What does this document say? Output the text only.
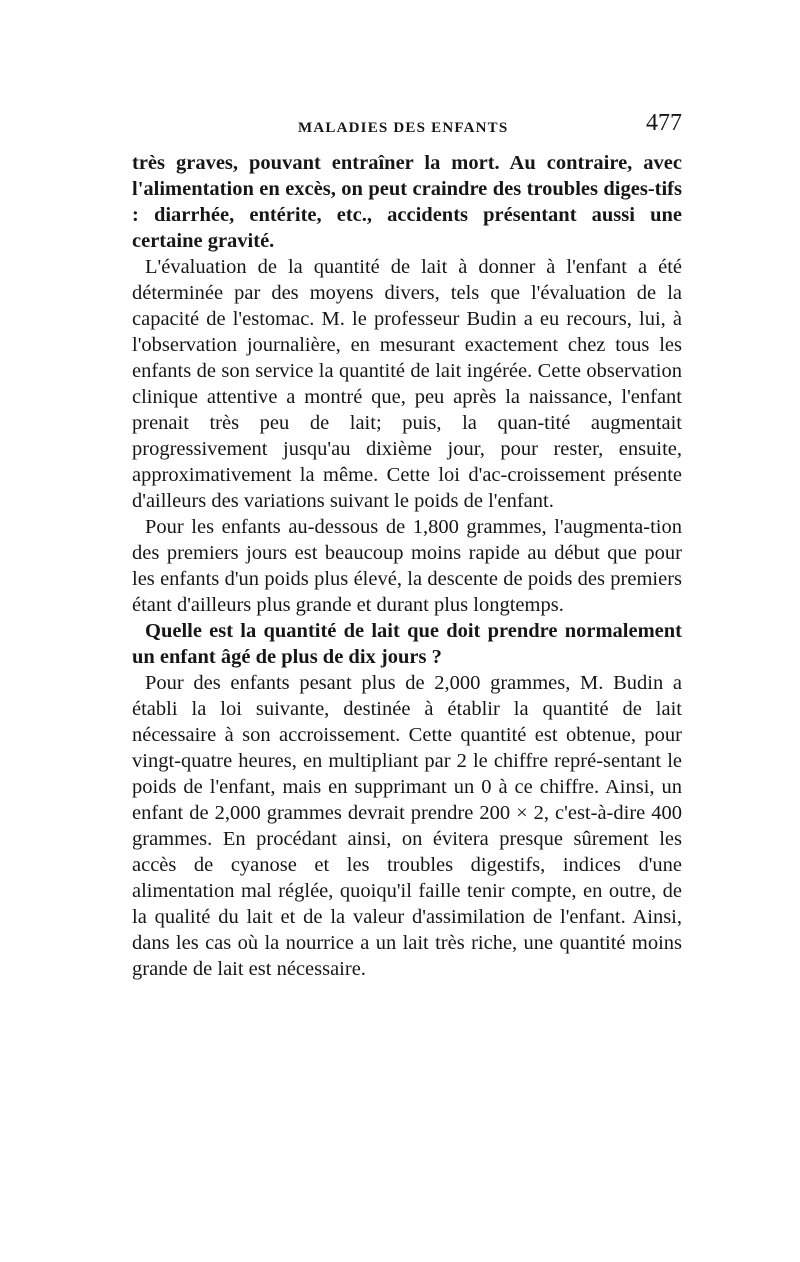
MALADIES DES ENFANTS	477

très graves, pouvant entraîner la mort. Au contraire, avec l'alimentation en excès, on peut craindre des troubles diges-tifs : diarrhée, entérite, etc., accidents présentant aussi une certaine gravité.

L'évaluation de la quantité de lait à donner à l'enfant a été déterminée par des moyens divers, tels que l'évaluation de la capacité de l'estomac. M. le professeur Budin a eu recours, lui, à l'observation journalière, en mesurant exactement chez tous les enfants de son service la quantité de lait ingérée. Cette observation clinique attentive a montré que, peu après la naissance, l'enfant prenait très peu de lait; puis, la quan-tité augmentait progressivement jusqu'au dixième jour, pour rester, ensuite, approximativement la même. Cette loi d'ac-croissement présente d'ailleurs des variations suivant le poids de l'enfant.

Pour les enfants au-dessous de 1,800 grammes, l'augmenta-tion des premiers jours est beaucoup moins rapide au début que pour les enfants d'un poids plus élevé, la descente de poids des premiers étant d'ailleurs plus grande et durant plus longtemps.

Quelle est la quantité de lait que doit prendre normalement un enfant âgé de plus de dix jours ?

Pour des enfants pesant plus de 2,000 grammes, M. Budin a établi la loi suivante, destinée à établir la quantité de lait nécessaire à son accroissement. Cette quantité est obtenue, pour vingt-quatre heures, en multipliant par 2 le chiffre repré-sentant le poids de l'enfant, mais en supprimant un 0 à ce chiffre. Ainsi, un enfant de 2,000 grammes devrait prendre 200 × 2, c'est-à-dire 400 grammes. En procédant ainsi, on évitera presque sûrement les accès de cyanose et les troubles digestifs, indices d'une alimentation mal réglée, quoiqu'il faille tenir compte, en outre, de la qualité du lait et de la valeur d'assimilation de l'enfant. Ainsi, dans les cas où la nourrice a un lait très riche, une quantité moins grande de lait est nécessaire.
